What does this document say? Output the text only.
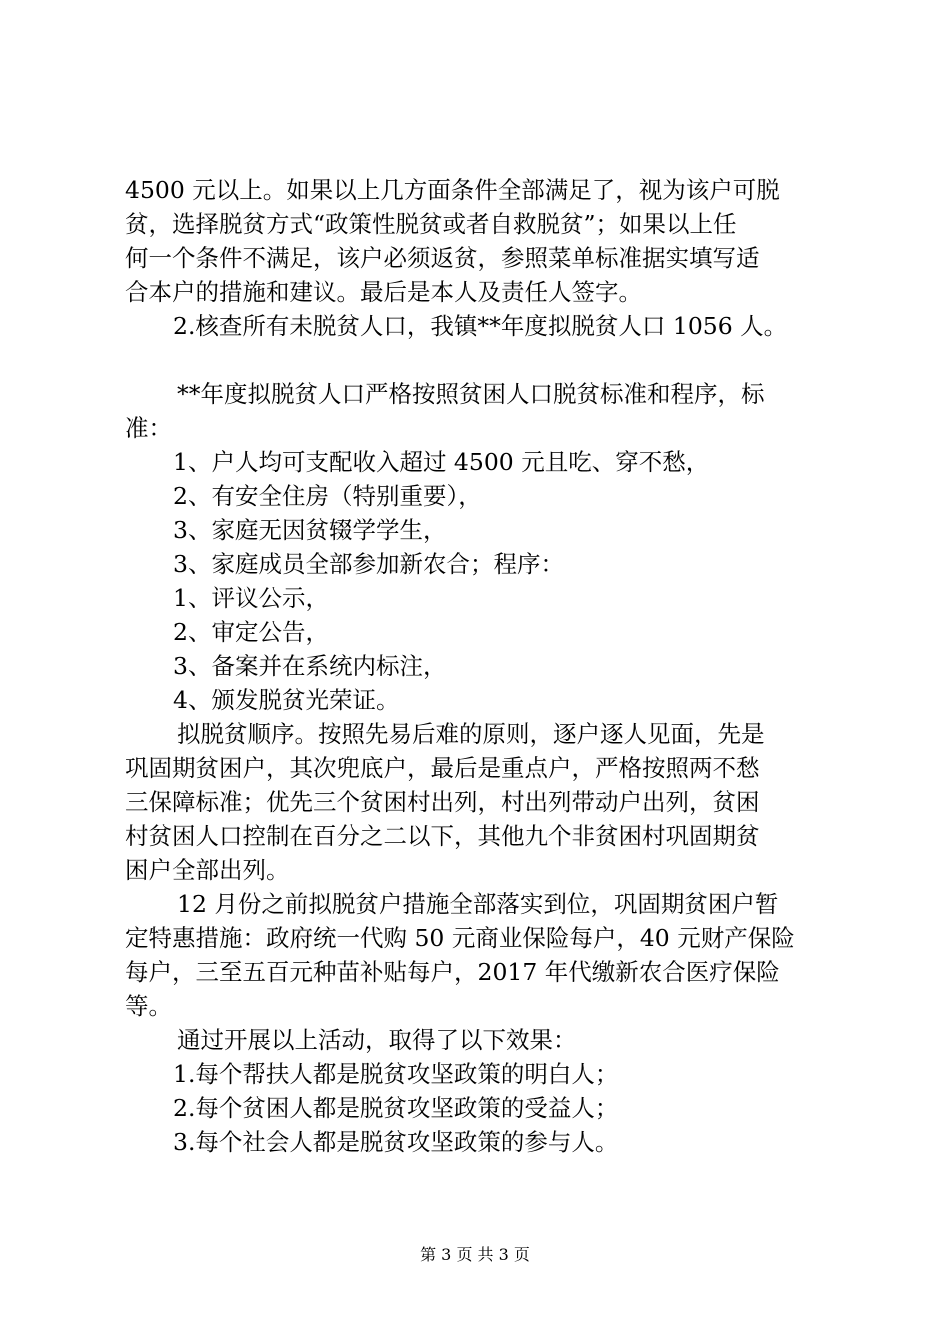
4500 元以上。如果以上几方面条件全部满足了，视为该户可脱
贫，选择脱贫方式“政策性脱贫或者自救脱贫”；如果以上任
何一个条件不满足，该户必须返贫，参照菜单标准据实填写适
合本户的措施和建议。最后是本人及责任人签字。
2.核查所有未脱贫人口，我镇**年度拟脱贫人口 1056 人。
**年度拟脱贫人口严格按照贫困人口脱贫标准和程序，标
准：
1、户人均可支配收入超过 4500 元且吃、穿不愁，
2、有安全住房（特别重要），
3、家庭无因贫辍学学生，
3、家庭成员全部参加新农合；程序：
1、评议公示，
2、审定公告，
3、备案并在系统内标注，
4、颁发脱贫光荣证。
拟脱贫顺序。按照先易后难的原则，逐户逐人见面，先是
巩固期贫困户，其次兜底户，最后是重点户，严格按照两不愁
三保障标准；优先三个贫困村出列，村出列带动户出列，贫困
村贫困人口控制在百分之二以下，其他九个非贫困村巩固期贫
困户全部出列。
12 月份之前拟脱贫户措施全部落实到位，巩固期贫困户暂
定特惠措施：政府统一代购 50 元商业保险每户，40 元财产保险
每户，三至五百元种苗补贴每户，2017 年代缴新农合医疗保险
等。
通过开展以上活动，取得了以下效果：
1.每个帮扶人都是脱贫攻坚政策的明白人；
2.每个贫困人都是脱贫攻坚政策的受益人；
3.每个社会人都是脱贫攻坚政策的参与人。
第 3 页 共 3 页
